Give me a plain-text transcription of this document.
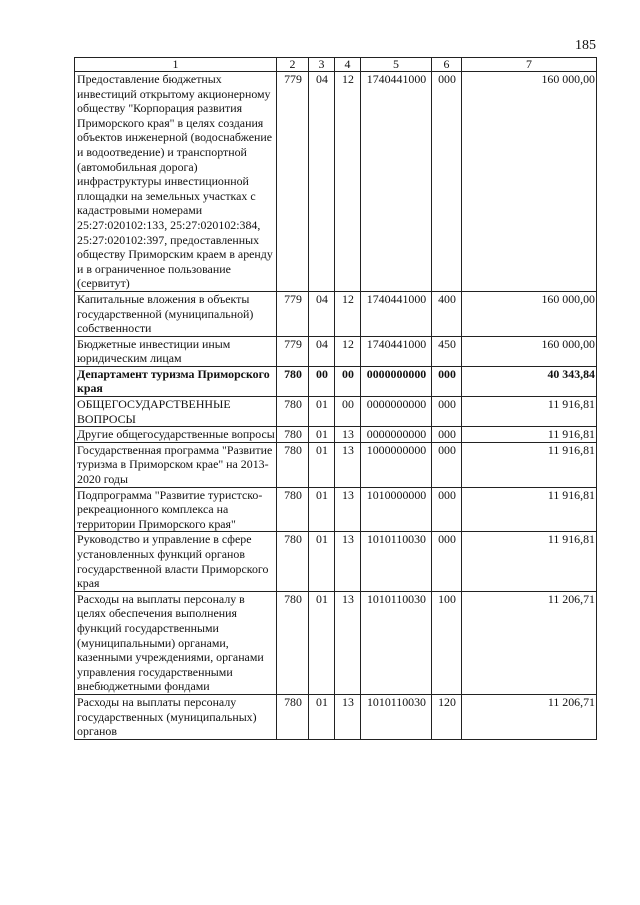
185
1	2	3	4	5	6	7
Предоставление бюджетных инвестиций открытому акционерному обществу "Корпорация развития Приморского края" в целях создания объектов инженерной (водоснабжение и водоотведение) и транспортной (автомобильная дорога) инфраструктуры инвестиционной площадки на земельных участках с кадастровыми номерами 25:27:020102:133, 25:27:020102:384, 25:27:020102:397, предоставленных обществу Приморским краем в аренду и в ограниченное пользование (сервитут)	779	04	12	1740441000	000	160 000,00
Капитальные вложения в объекты государственной (муниципальной) собственности	779	04	12	1740441000	400	160 000,00
Бюджетные инвестиции иным юридическим лицам	779	04	12	1740441000	450	160 000,00
Департамент туризма Приморского края	780	00	00	0000000000	000	40 343,84
ОБЩЕГОСУДАРСТВЕННЫЕ ВОПРОСЫ	780	01	00	0000000000	000	11 916,81
Другие общегосударственные вопросы	780	01	13	0000000000	000	11 916,81
Государственная программа "Развитие туризма в Приморском крае" на 2013-2020 годы	780	01	13	1000000000	000	11 916,81
Подпрограмма "Развитие туристско-рекреационного комплекса на территории Приморского края"	780	01	13	1010000000	000	11 916,81
Руководство и управление в сфере установленных функций органов государственной власти Приморского края	780	01	13	1010110030	000	11 916,81
Расходы на выплаты персоналу в целях обеспечения выполнения функций государственными (муниципальными) органами, казенными учреждениями, органами управления государственными внебюджетными фондами	780	01	13	1010110030	100	11 206,71
Расходы на выплаты персоналу государственных (муниципальных) органов	780	01	13	1010110030	120	11 206,71
